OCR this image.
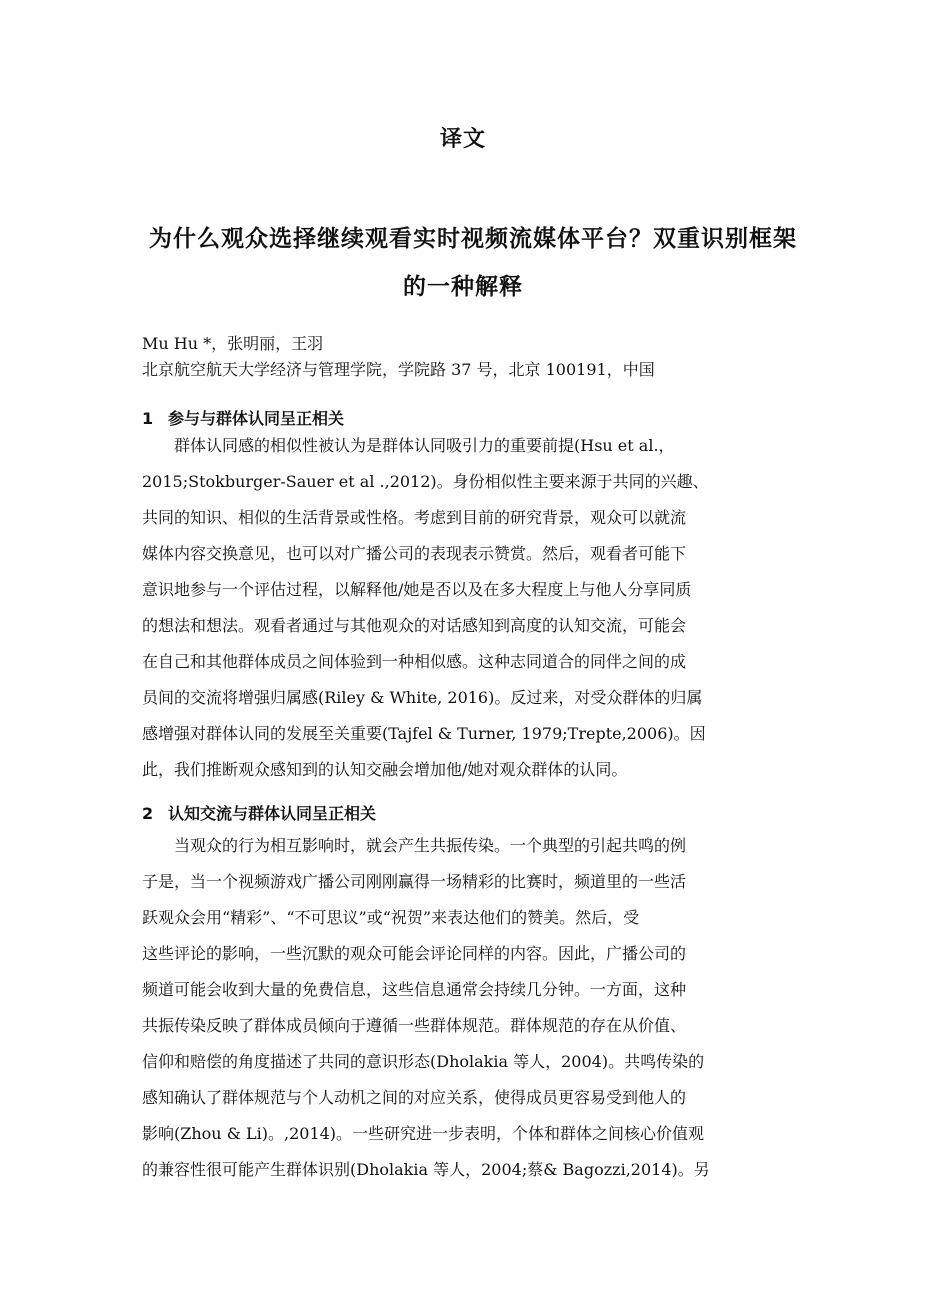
译文
为什么观众选择继续观看实时视频流媒体平台？双重识别框架
的一种解释
Mu Hu *，张明丽，王羽
北京航空航天大学经济与管理学院，学院路 37 号，北京 100191，中国
1 参与与群体认同呈正相关
　　群体认同感的相似性被认为是群体认同吸引力的重要前提(Hsu et al.，
2015;Stokburger-Sauer et al .,2012)。身份相似性主要来源于共同的兴趣、
共同的知识、相似的生活背景或性格。考虑到目前的研究背景，观众可以就流
媒体内容交换意见，也可以对广播公司的表现表示赞赏。然后，观看者可能下
意识地参与一个评估过程，以解释他/她是否以及在多大程度上与他人分享同质
的想法和想法。观看者通过与其他观众的对话感知到高度的认知交流，可能会
在自己和其他群体成员之间体验到一种相似感。这种志同道合的同伴之间的成
员间的交流将增强归属感(Riley & White, 2016)。反过来，对受众群体的归属
感增强对群体认同的发展至关重要(Tajfel & Turner, 1979;Trepte,2006)。因
此，我们推断观众感知到的认知交融会增加他/她对观众群体的认同。
2 认知交流与群体认同呈正相关
　　当观众的行为相互影响时，就会产生共振传染。一个典型的引起共鸣的例
子是，当一个视频游戏广播公司刚刚赢得一场精彩的比赛时，频道里的一些活
跃观众会用“精彩”、“不可思议”或“祝贺”来表达他们的赞美。然后，受
这些评论的影响，一些沉默的观众可能会评论同样的内容。因此，广播公司的
频道可能会收到大量的免费信息，这些信息通常会持续几分钟。一方面，这种
共振传染反映了群体成员倾向于遵循一些群体规范。群体规范的存在从价值、
信仰和赔偿的角度描述了共同的意识形态(Dholakia 等人，2004)。共鸣传染的
感知确认了群体规范与个人动机之间的对应关系，使得成员更容易受到他人的
影响(Zhou & Li)。,2014)。一些研究进一步表明，个体和群体之间核心价值观
的兼容性很可能产生群体识别(Dholakia 等人，2004;蔡& Bagozzi,2014)。另
